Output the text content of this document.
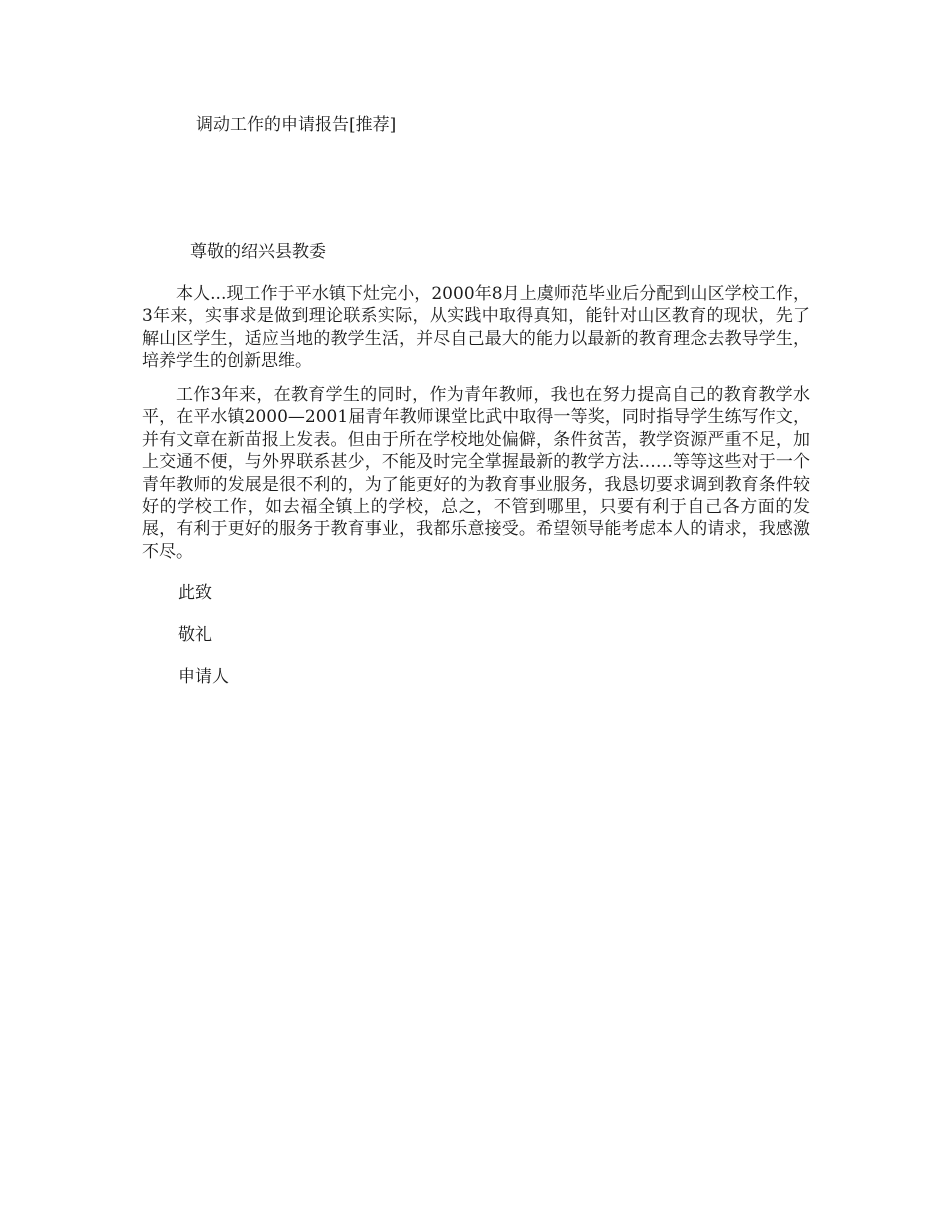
调动工作的申请报告[推荐]
尊敬的绍兴县教委

本人...现工作于平水镇下灶完小，2000年8月上虞师范毕业后分配到山区学校工作，3年来，实事求是做到理论联系实际，从实践中取得真知，能针对山区教育的现状，先了解山区学生，适应当地的教学生活，并尽自己最大的能力以最新的教育理念去教导学生，培养学生的创新思维。

工作3年来，在教育学生的同时，作为青年教师，我也在努力提高自己的教育教学水平，在平水镇2000—2001届青年教师课堂比武中取得一等奖，同时指导学生练写作文，并有文章在新苗报上发表。但由于所在学校地处偏僻，条件贫苦，教学资源严重不足，加上交通不便，与外界联系甚少，不能及时完全掌握最新的教学方法……等等这些对于一个青年教师的发展是很不利的，为了能更好的为教育事业服务，我恳切要求调到教育条件较好的学校工作，如去福全镇上的学校，总之，不管到哪里，只要有利于自己各方面的发展，有利于更好的服务于教育事业，我都乐意接受。希望领导能考虑本人的请求，我感激不尽。

此致
敬礼
申请人
